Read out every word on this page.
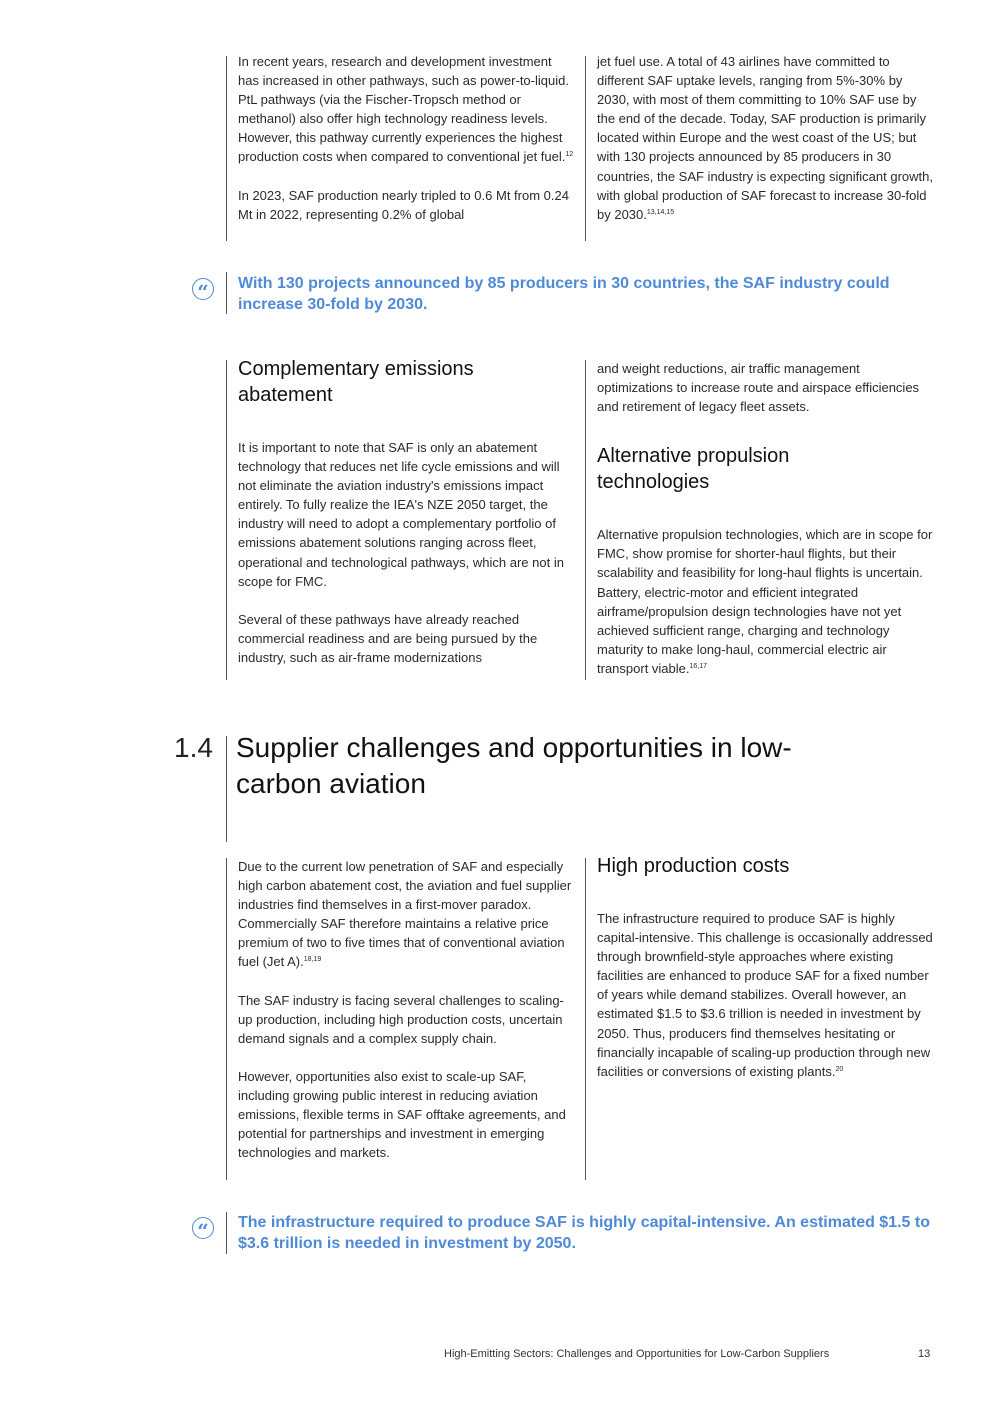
In recent years, research and development investment has increased in other pathways, such as power-to-liquid. PtL pathways (via the Fischer-Tropsch method or methanol) also offer high technology readiness levels. However, this pathway currently experiences the highest production costs when compared to conventional jet fuel.$^{12}$

In 2023, SAF production nearly tripled to 0.6 Mt from 0.24 Mt in 2022, representing 0.2% of global

jet fuel use. A total of 43 airlines have committed to different SAF uptake levels, ranging from 5%-30% by 2030, with most of them committing to 10% SAF use by the end of the decade. Today, SAF production is primarily located within Europe and the west coast of the US; but with 130 projects announced by 85 producers in 30 countries, the SAF industry is expecting significant growth, with global production of SAF forecast to increase 30-fold by 2030.$^{13,14,15}$

“	With 130 projects announced by 85 producers in 30 countries, the SAF industry could increase 30-fold by 2030.
Complementary emissions abatement

It is important to note that SAF is only an abatement technology that reduces net life cycle emissions and will not eliminate the aviation industry's emissions impact entirely. To fully realize the IEA's NZE 2050 target, the industry will need to adopt a complementary portfolio of emissions abatement solutions ranging across fleet, operational and technological pathways, which are not in scope for FMC.

Several of these pathways have already reached commercial readiness and are being pursued by the industry, such as air-frame modernizations

and weight reductions, air traffic management optimizations to increase route and airspace efficiencies and retirement of legacy fleet assets.

Alternative propulsion technologies

Alternative propulsion technologies, which are in scope for FMC, show promise for shorter-haul flights, but their scalability and feasibility for long-haul flights is uncertain. Battery, electric-motor and efficient integrated airframe/propulsion design technologies have not yet achieved sufficient range, charging and technology maturity to make long-haul, commercial electric air transport viable.$^{16,17}$

1.4 Supplier challenges and opportunities in low-carbon aviation

Due to the current low penetration of SAF and especially high carbon abatement cost, the aviation and fuel supplier industries find themselves in a first-mover paradox. Commercially SAF therefore maintains a relative price premium of two to five times that of conventional aviation fuel (Jet A).$^{18,19}$

The SAF industry is facing several challenges to scaling-up production, including high production costs, uncertain demand signals and a complex supply chain.

However, opportunities also exist to scale-up SAF, including growing public interest in reducing aviation emissions, flexible terms in SAF offtake agreements, and potential for partnerships and investment in emerging technologies and markets.

High production costs

The infrastructure required to produce SAF is highly capital-intensive. This challenge is occasionally addressed through brownfield-style approaches where existing facilities are enhanced to produce SAF for a fixed number of years while demand stabilizes. Overall however, an estimated $1.5 to $3.6 trillion is needed in investment by 2050. Thus, producers find themselves hesitating or financially incapable of scaling-up production through new facilities or conversions of existing plants.$^{20}$

“	The infrastructure required to produce SAF is highly capital-intensive. An estimated $1.5 to $3.6 trillion is needed in investment by 2050.
High-Emitting Sectors: Challenges and Opportunities for Low-Carbon Suppliers	13
